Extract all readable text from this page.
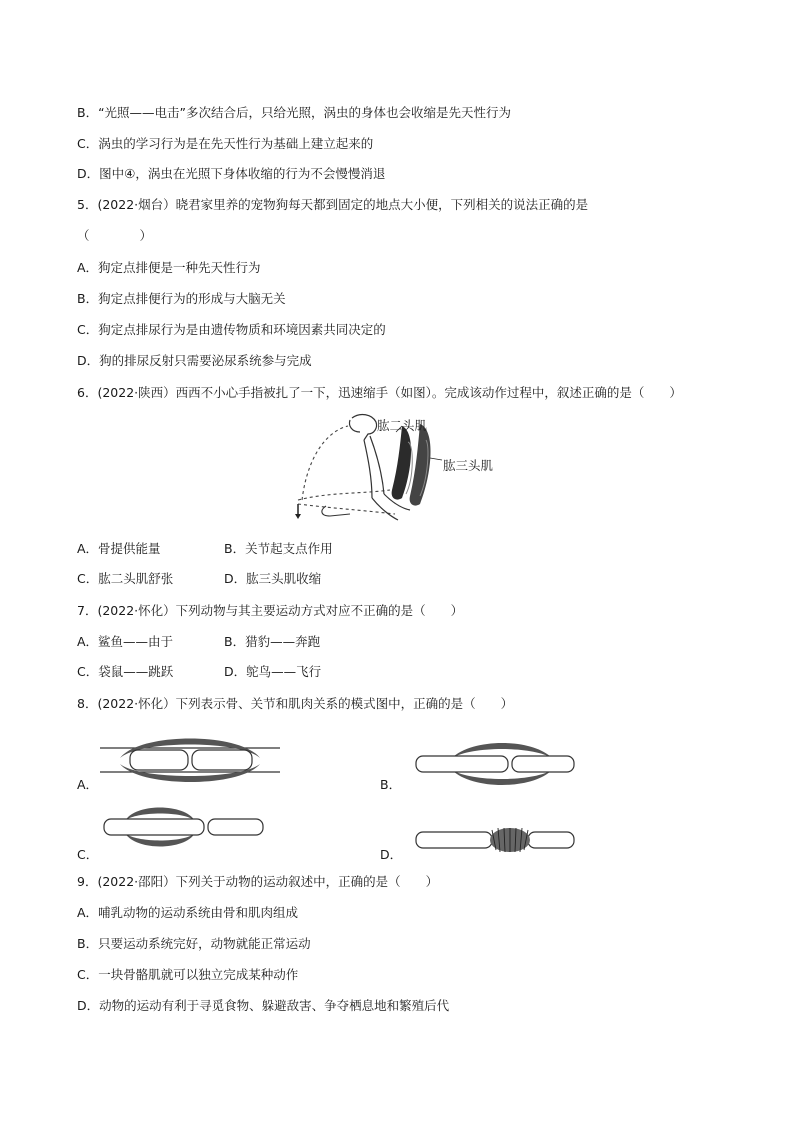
B．“光照——电击”多次结合后，只给光照，涡虫的身体也会收缩是先天性行为
C．涡虫的学习行为是在先天性行为基础上建立起来的
D．图中④，涡虫在光照下身体收缩的行为不会慢慢消退
5．(2022·烟台）晓君家里养的宠物狗每天都到固定的地点大小便，下列相关的说法正确的是
（　　　　）
A．狗定点排便是一种先天性行为
B．狗定点排便行为的形成与大脑无关
C．狗定点排尿行为是由遗传物质和环境因素共同决定的
D．狗的排尿反射只需要泌尿系统参与完成
6．(2022·陕西）西西不小心手指被扎了一下，迅速缩手（如图）。完成该动作过程中，叙述正确的是（　　）
肱二头肌
肱三头肌
A．骨提供能量	B．关节起支点作用
C．肱二头肌舒张	D．肱三头肌收缩
7．(2022·怀化）下列动物与其主要运动方式对应不正确的是（　　）
A．鲨鱼——由于	B．猎豹——奔跑
C．袋鼠——跳跃	D．鸵鸟——飞行
8．(2022·怀化）下列表示骨、关节和肌肉关系的模式图中，正确的是（　　）
A．	B．
C．	D．
9．(2022·邵阳）下列关于动物的运动叙述中，正确的是（　　）
A．哺乳动物的运动系统由骨和肌肉组成
B．只要运动系统完好，动物就能正常运动
C．一块骨骼肌就可以独立完成某种动作
D．动物的运动有利于寻觅食物、躲避敌害、争夺栖息地和繁殖后代
